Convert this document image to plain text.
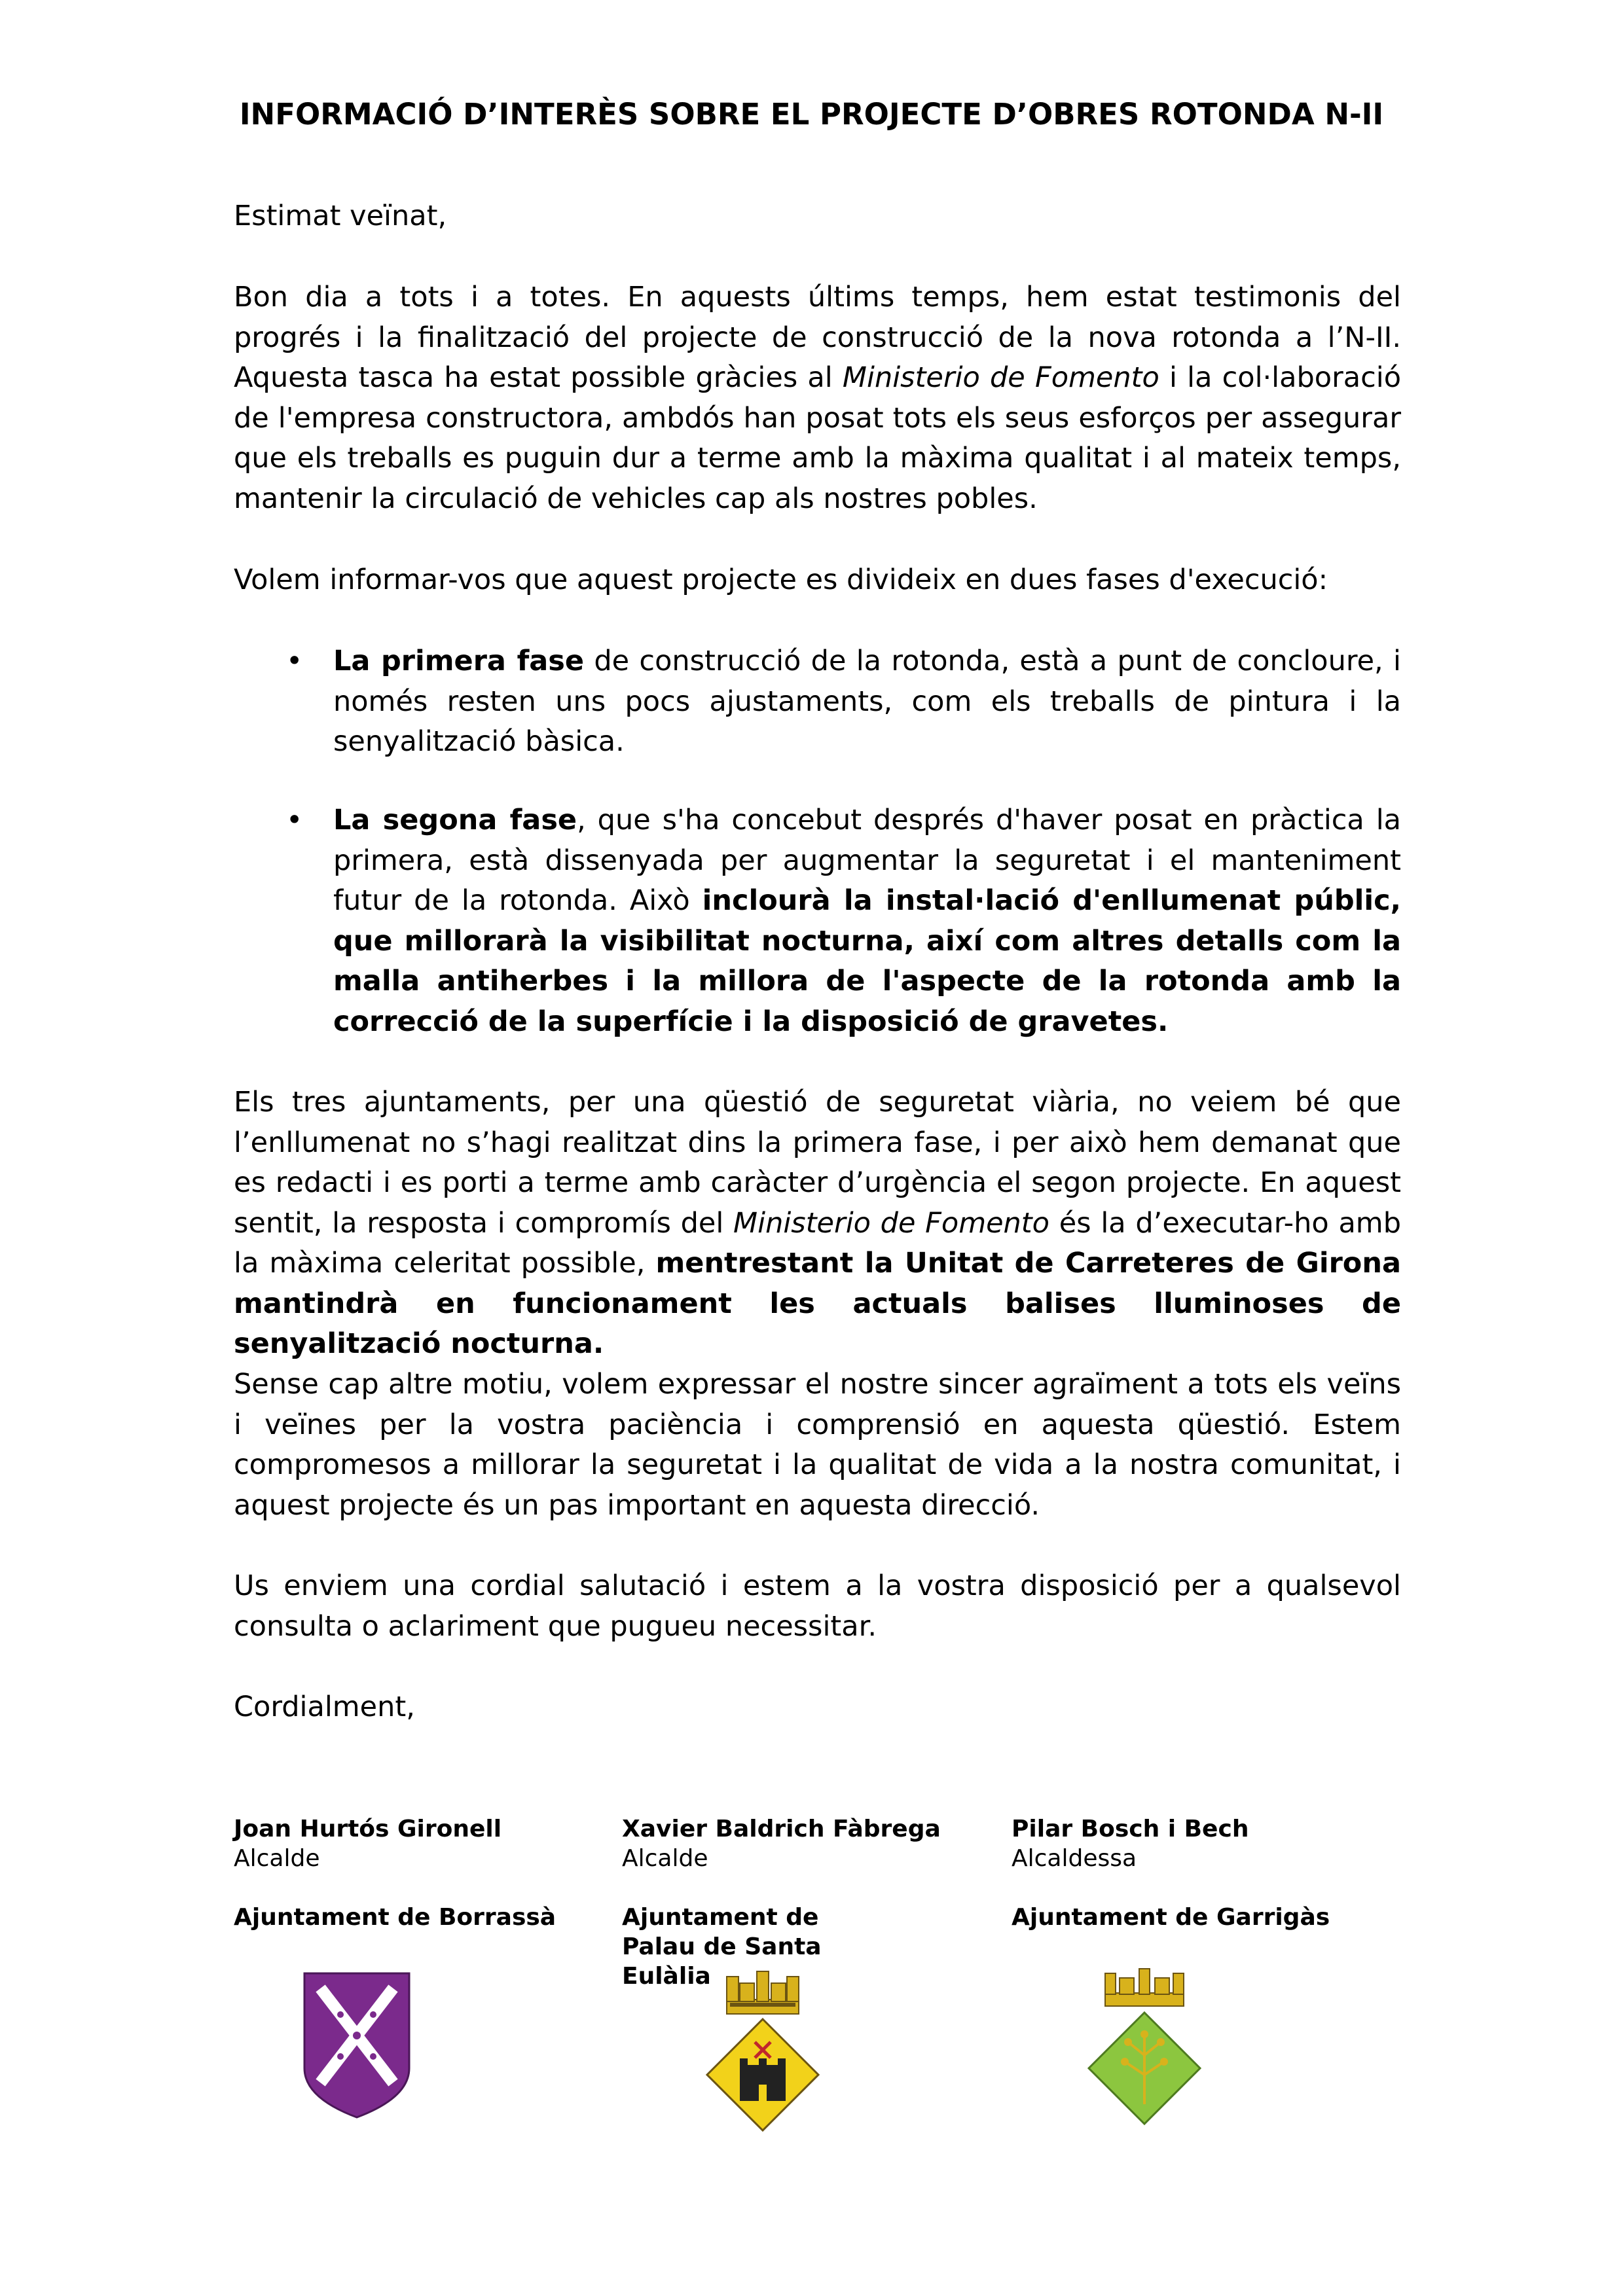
INFORMACIÓ D’INTERÈS SOBRE EL PROJECTE D’OBRES ROTONDA N-II
Estimat veïnat,
Bon dia a tots i a totes. En aquests últims temps, hem estat testimonis del progrés i la finalització del projecte de construcció de la nova rotonda a l’N-II. Aquesta tasca ha estat possible gràcies al Ministerio de Fomento i la col·laboració de l'empresa constructora, ambdós han posat tots els seus esforços per assegurar que els treballs es puguin dur a terme amb la màxima qualitat i al mateix temps, mantenir la circulació de vehicles cap als nostres pobles.
Volem informar-vos que aquest projecte es divideix en dues fases d'execució:
• La primera fase de construcció de la rotonda, està a punt de concloure, i només resten uns pocs ajustaments, com els treballs de pintura i la senyalització bàsica.
• La segona fase, que s'ha concebut després d'haver posat en pràctica la primera, està dissenyada per augmentar la seguretat i el manteniment futur de la rotonda. Això inclourà la instal·lació d'enllumenat públic, que millorarà la visibilitat nocturna, així com altres detalls com la malla antiherbes i la millora de l'aspecte de la rotonda amb la correcció de la superfície i la disposició de gravetes.
Els tres ajuntaments, per una qüestió de seguretat viària, no veiem bé que l’enllumenat no s’hagi realitzat dins la primera fase, i per això hem demanat que es redacti i es porti a terme amb caràcter d’urgència el segon projecte. En aquest sentit, la resposta i compromís del Ministerio de Fomento és la d’executar-ho amb la màxima celeritat possible, mentrestant la Unitat de Carreteres de Girona mantindrà en funcionament les actuals balises lluminoses de senyalització nocturna.
Sense cap altre motiu, volem expressar el nostre sincer agraïment a tots els veïns i veïnes per la vostra paciència i comprensió en aquesta qüestió. Estem compromesos a millorar la seguretat i la qualitat de vida a la nostra comunitat, i aquest projecte és un pas important en aquesta direcció.
Us enviem una cordial salutació i estem a la vostra disposició per a qualsevol consulta o aclariment que pugueu necessitar.
Cordialment,
Joan Hurtós Gironell
Alcalde
Ajuntament de Borrassà
Xavier Baldrich Fàbrega
Alcalde
Ajuntament de Palau de Santa Eulàlia
Pilar Bosch i Bech
Alcaldessa
Ajuntament de Garrigàs
